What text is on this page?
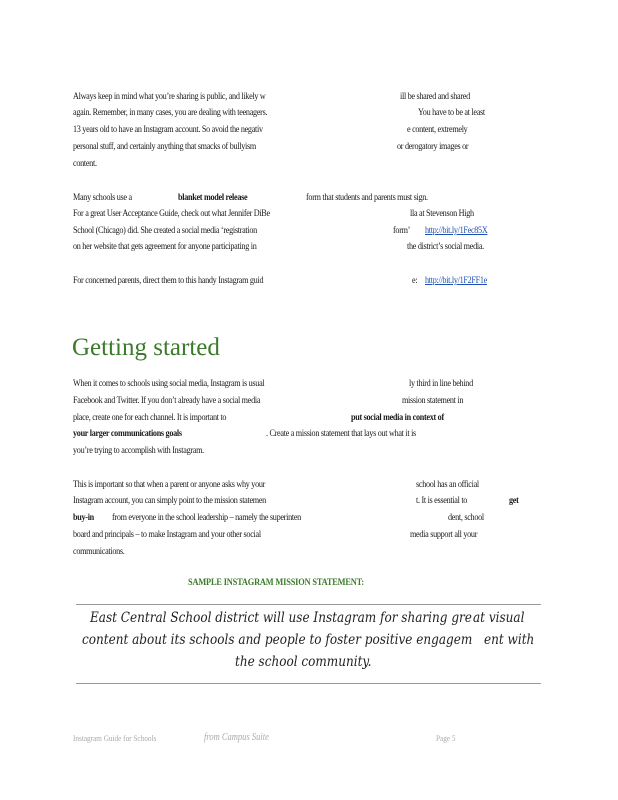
Always keep in mind what you’re sharing is public, and likely w	ill be shared and shared
again. Remember, in many cases, you are dealing with teenagers.	You have to be at least
13 years old to have an Instagram account. So avoid the negativ	e content, extremely
personal stuff, and certainly anything that smacks of bullyism	or derogatory images or
content.
Many schools use a	blanket model release	form that students and parents must sign.
For a great User Acceptance Guide, check out what Jennifer DiBe	lla at Stevenson High
School (Chicago) did. She created a social media ‘registration	form’ http://bit.ly/1Fec85X
on her website that gets agreement for anyone participating in	the district’s social media.
For concerned parents, direct them to this handy Instagram guid	e: http://bit.ly/1F2FF1e
Getting started
When it comes to schools using social media, Instagram is usual	ly third in line behind
Facebook and Twitter. If you don’t already have a social media	mission statement in
place, create one for each channel. It is important to	put social media in context of
your larger communications goals	. Create a mission statement that lays out what it is
you’re trying to accomplish with Instagram.
This is important so that when a parent or anyone asks why your	school has an official
Instagram account, you can simply point to the mission statemen	t. It is essential to	get
buy-in from everyone in the school leadership – namely the superinten	dent, school
board and principals – to make Instagram and your other social	media support all your
communications.
SAMPLE INSTAGRAM MISSION STATEMENT:
East Central School district will use Instagram for sharing gre at visual
content about its schools and people to foster positive engagem ent with
the school community.
Instagram Guide for Schools	from Campus Suite	Page 5
